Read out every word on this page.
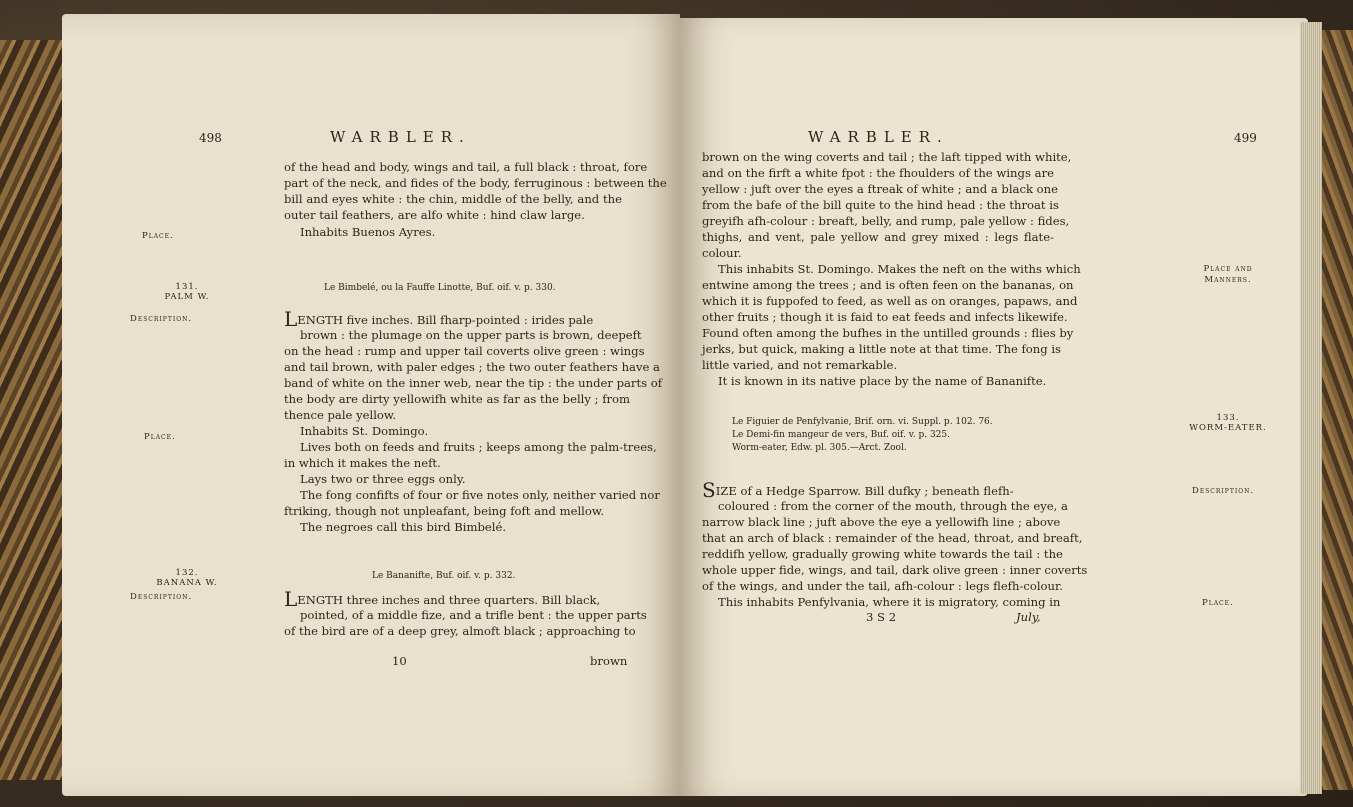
498	WARBLER.
of the head and body, wings and tail, a full black : throat, fore
part of the neck, and fides of the body, ferruginous : between the
bill and eyes white : the chin, middle of the belly, and the
outer tail feathers, are alfo white : hind claw large.
Place.	Inhabits Buenos Ayres.
131.
PALM W.
Le Bimbelé, ou la Fauffe Linotte, Buf. oif. v. p. 330.
Description.	LENGTH five inches. Bill fharp-pointed : irides pale
brown : the plumage on the upper parts is brown, deepeft
on the head : rump and upper tail coverts olive green : wings
and tail brown, with paler edges ; the two outer feathers have a
band of white on the inner web, near the tip : the under parts of
the body are dirty yellowifh white as far as the belly ; from
thence pale yellow.
Place.	Inhabits St. Domingo.
Lives both on feeds and fruits ; keeps among the palm-trees,
in which it makes the neft.
Lays two or three eggs only.
The fong confifts of four or five notes only, neither varied nor
ftriking, though not unpleafant, being foft and mellow.
The negroes call this bird Bimbelé.
132.
BANANA W.
Le Bananifte, Buf. oif. v. p. 332.
Description.	LENGTH three inches and three quarters. Bill black,
pointed, of a middle fize, and a trifle bent : the upper parts
of the bird are of a deep grey, almoft black ; approaching to
10	brown
WARBLER.	499
brown on the wing coverts and tail ; the laft tipped with white,
and on the firft a white fpot : the fhoulders of the wings are
yellow : juft over the eyes a ftreak of white ; and a black one
from the bafe of the bill quite to the hind head : the throat is
greyifh afh-colour : breaft, belly, and rump, pale yellow : fides,
thighs, and vent, pale yellow and grey mixed : legs flate-
colour.
Place and Manners.
This inhabits St. Domingo. Makes the neft on the withs which
entwine among the trees ; and is often feen on the bananas, on
which it is fuppofed to feed, as well as on oranges, papaws, and
other fruits ; though it is faid to eat feeds and infects likewife.
Found often among the bufhes in the untilled grounds : flies by
jerks, but quick, making a little note at that time. The fong is
little varied, and not remarkable.
It is known in its native place by the name of Bananifte.
133.
WORM-EATER.
Le Figuier de Penfylvanie, Brif. orn. vi. Suppl. p. 102. 76.
Le Demi-fin mangeur de vers, Buf. oif. v. p. 325.
Worm-eater, Edw. pl. 305.—Arct. Zool.
Description.
SIZE of a Hedge Sparrow. Bill dufky ; beneath flefh-
coloured : from the corner of the mouth, through the eye, a
narrow black line ; juft above the eye a yellowifh line ; above
that an arch of black : remainder of the head, throat, and breaft,
reddifh yellow, gradually growing white towards the tail : the
whole upper fide, wings, and tail, dark olive green : inner coverts
of the wings, and under the tail, afh-colour : legs flefh-colour.
Place.
This inhabits Penfylvania, where it is migratory, coming in
3 S 2	July,
